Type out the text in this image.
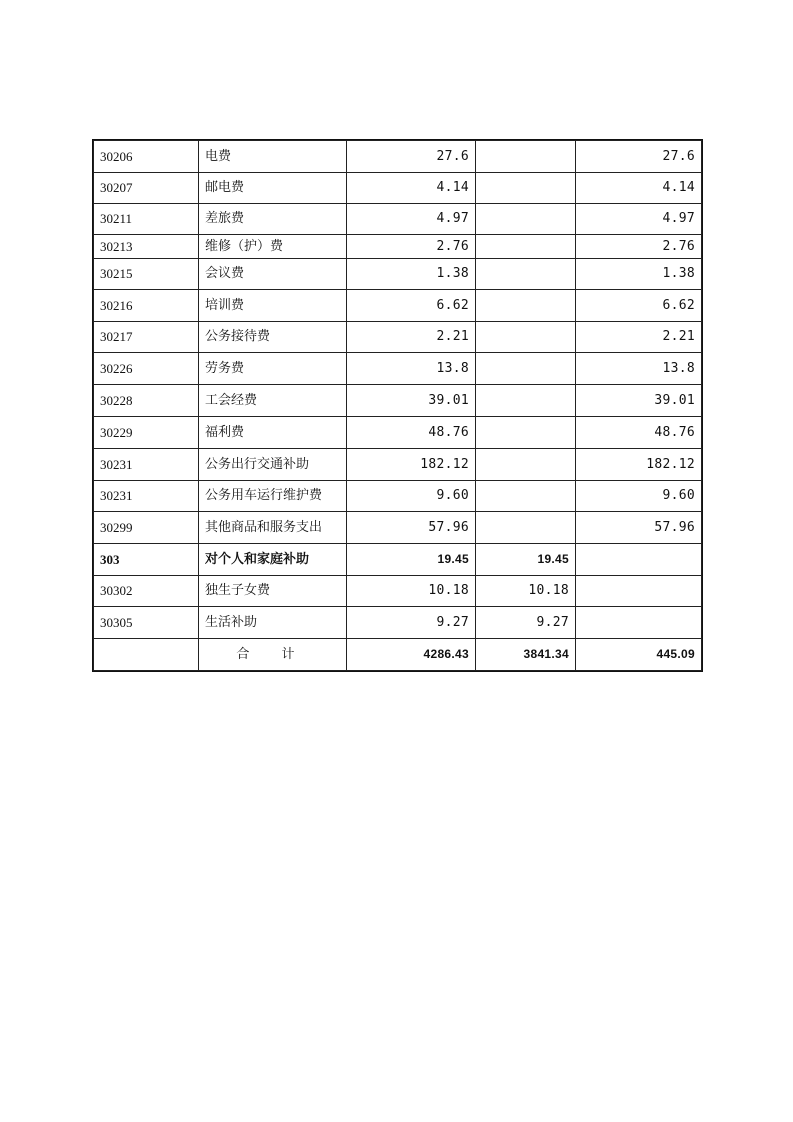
30206	电费	27.6		27.6
30207	邮电费	4.14		4.14
30211	差旅费	4.97		4.97
30213	维修（护）费	2.76		2.76
30215	会议费	1.38		1.38
30216	培训费	6.62		6.62
30217	公务接待费	2.21		2.21
30226	劳务费	13.8		13.8
30228	工会经费	39.01		39.01
30229	福利费	48.76		48.76
30231	公务出行交通补助	182.12		182.12
30231	公务用车运行维护费	9.60		9.60
30299	其他商品和服务支出	57.96		57.96
303	对个人和家庭补助	19.45	19.45	
30302	独生子女费	10.18	10.18	
30305	生活补助	9.27	9.27	
	合 计	4286.43	3841.34	445.09
